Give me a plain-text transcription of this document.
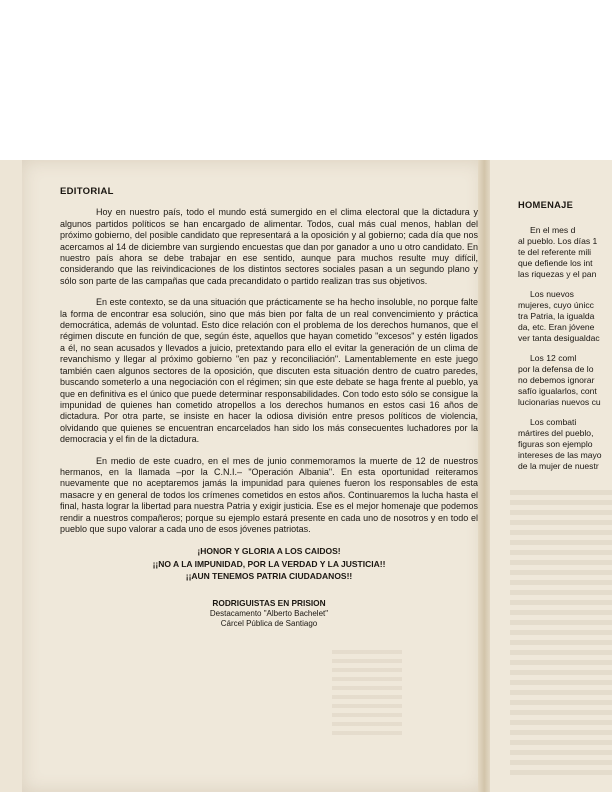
EDITORIAL

Hoy en nuestro país, todo el mundo está sumergido en el clima electoral que la dictadura y algunos partidos políticos se han encargado de alimentar. Todos, cual más cual menos, hablan del próximo gobierno, del posible candidato que representará a la oposición y al gobierno; cada día que nos acercamos al 14 de diciembre van surgiendo encuestas que dan por ganador a uno u otro candidato. En nuestro país ahora se debe trabajar en ese sentido, aunque para muchos resulte muy difícil, considerando que las reivindicaciones de los distintos sectores sociales pasan a un segundo plano y sólo son parte de las campañas que cada precandidato o partido realizan tras sus objetivos.

En este contexto, se da una situación que prácticamente se ha hecho insoluble, no porque falte la forma de encontrar esa solución, sino que más bien por falta de un real convencimiento y práctica democrática, además de voluntad. Esto dice relación con el problema de los derechos humanos, que el régimen discute en función de que, según éste, aquellos que hayan cometido "excesos" y estén ligados a él, no sean acusados y llevados a juicio, pretextando para ello el evitar la generación de un clima de revanchismo y llegar al próximo gobierno "en paz y reconciliación". Lamentablemente en este juego también caen algunos sectores de la oposición, que discuten esta situación dentro de cuatro paredes, buscando someterlo a una negociación con el régimen; sin que este debate se haga frente al pueblo, ya que en definitiva es el único que puede determinar responsabilidades. Con todo esto sólo se consigue la impunidad de quienes han cometido atropellos a los derechos humanos en estos casi 16 años de dictadura. Por otra parte, se insiste en hacer la odiosa división entre presos políticos de violencia, olvidando que quienes se encuentran encarcelados han sido los más consecuentes luchadores por la democracia y el fin de la dictadura.

En medio de este cuadro, en el mes de junio conmemoramos la muerte de 12 de nuestros hermanos, en la llamada –por la C.N.I.– "Operación Albania". En esta oportunidad reiteramos nuevamente que no aceptaremos jamás la impunidad para quienes fueron los responsables de esta masacre y en general de todos los crímenes cometidos en estos años. Continuaremos la lucha hasta el final, hasta lograr la libertad para nuestra Patria y exigir justicia. Ese es el mejor homenaje que podemos rendir a nuestros compañeros; porque su ejemplo estará presente en cada uno de nosotros y en todo el pueblo que supo valorar a cada uno de esos jóvenes patriotas.

¡HONOR Y GLORIA A LOS CAIDOS!
¡¡NO A LA IMPUNIDAD, POR LA VERDAD Y LA JUSTICIA!!
¡¡AUN TENEMOS PATRIA CIUDADANOS!!
RODRIGUISTAS EN PRISION
Destacamento "Alberto Bachelet"
Cárcel Pública de Santiago
HOMENAJE
En el mes d
al pueblo. Los días 1
te del referente mili
que defiende los int
las riquezas y el pan
Los nuevos
mujeres, cuyo únicc
tra Patria, la igualda
da, etc. Eran jóvene
ver tanta desigualdac
Los 12 coml
por la defensa de lo
no debemos ignorar
safío igualarlos, cont
lucionarias nuevos cu
Los combati
mártires del pueblo,
figuras son ejemplo
intereses de las mayo
de la mujer de nuestr
